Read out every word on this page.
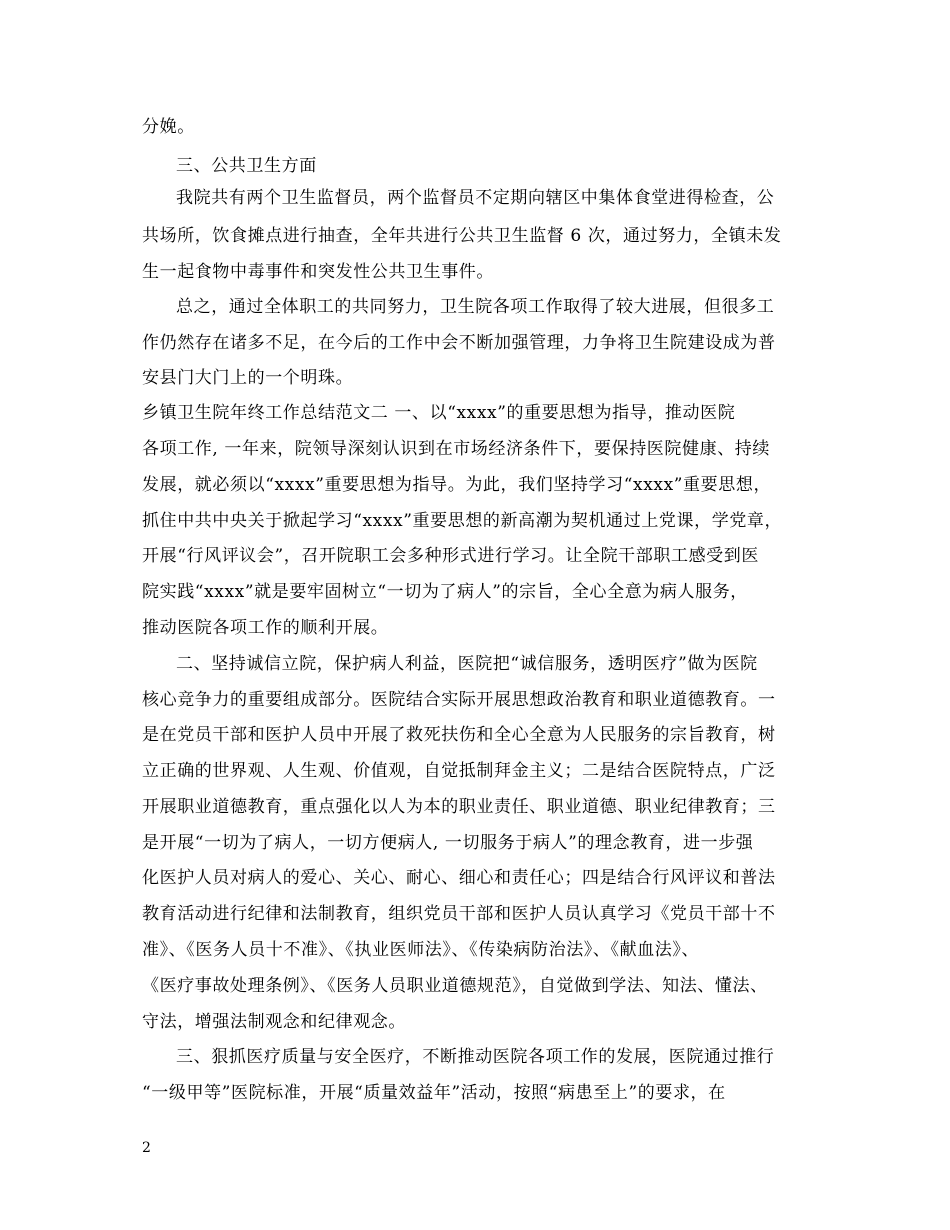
分娩。
三、公共卫生方面
我院共有两个卫生监督员，两个监督员不定期向辖区中集体食堂进得检查，公
共场所，饮食摊点进行抽查，全年共进行公共卫生监督 6 次，通过努力，全镇未发
生一起食物中毒事件和突发性公共卫生事件。
总之，通过全体职工的共同努力，卫生院各项工作取得了较大进展，但很多工
作仍然存在诸多不足，在今后的工作中会不断加强管理，力争将卫生院建设成为普
安县门大门上的一个明珠。
乡镇卫生院年终工作总结范文二 一、以“xxxx”的重要思想为指导，推动医院
各项工作, 一年来，院领导深刻认识到在市场经济条件下，要保持医院健康、持续
发展，就必须以“xxxx”重要思想为指导。为此，我们坚持学习“xxxx”重要思想，
抓住中共中央关于掀起学习“xxxx”重要思想的新高潮为契机通过上党课，学党章，
开展“行风评议会”，召开院职工会多种形式进行学习。让全院干部职工感受到医
院实践“xxxx”就是要牢固树立“一切为了病人”的宗旨，全心全意为病人服务，
推动医院各项工作的顺利开展。
二、坚持诚信立院，保护病人利益，医院把“诚信服务，透明医疗”做为医院
核心竞争力的重要组成部分。医院结合实际开展思想政治教育和职业道德教育。一
是在党员干部和医护人员中开展了救死扶伤和全心全意为人民服务的宗旨教育，树
立正确的世界观、人生观、价值观，自觉抵制拜金主义；二是结合医院特点，广泛
开展职业道德教育，重点强化以人为本的职业责任、职业道德、职业纪律教育；三
是开展“一切为了病人，一切方便病人, 一切服务于病人”的理念教育，进一步强
化医护人员对病人的爱心、关心、耐心、细心和责任心；四是结合行风评议和普法
教育活动进行纪律和法制教育，组织党员干部和医护人员认真学习《党员干部十不
准》、《医务人员十不准》、《执业医师法》、《传染病防治法》、《献血法》、
《医疗事故处理条例》、《医务人员职业道德规范》，自觉做到学法、知法、懂法、
守法，增强法制观念和纪律观念。
三、狠抓医疗质量与安全医疗，不断推动医院各项工作的发展，医院通过推行
“一级甲等”医院标准，开展“质量效益年”活动，按照“病患至上”的要求，在
2
